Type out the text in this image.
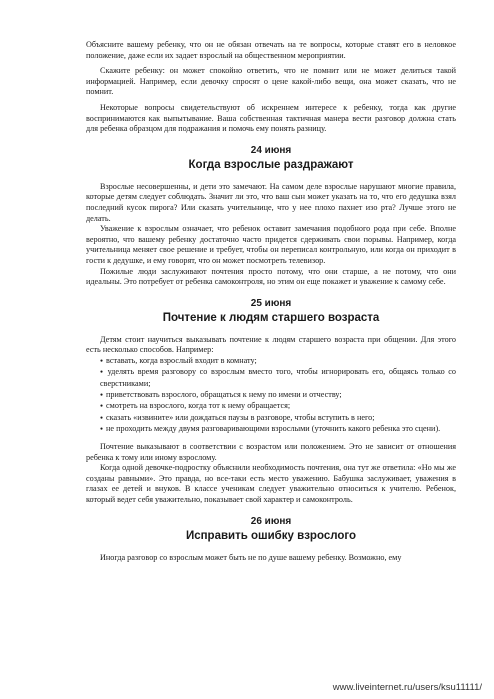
Объясните вашему ребенку, что он не обязан отвечать на те вопросы, которые ставят его в неловкое положение, даже если их задает взрослый на общественном мероприятии.

Скажите ребенку: он может спокойно ответить, что не помнит или не может делиться такой информацией. Например, если девочку спросят о цене какой-либо вещи, она может сказать, что не помнит.

Некоторые вопросы свидетельствуют об искреннем интересе к ребенку, тогда как другие воспринимаются как выпытывание. Ваша собственная тактичная манера вести разговор должна стать для ребенка образцом для подражания и помочь ему понять разницу.

24 июня
Когда взрослые раздражают

Взрослые несовершенны, и дети это замечают. На самом деле взрослые нарушают многие правила, которые детям следует соблюдать. Значит ли это, что ваш сын может указать на то, что его дедушка взял последний кусок пирога? Или сказать учительнице, что у нее плохо пахнет изо рта? Лучше этого не делать.

Уважение к взрослым означает, что ребенок оставит замечания подобного рода при себе. Вполне вероятно, что вашему ребенку достаточно часто придется сдерживать свои порывы. Например, когда учительница меняет свое решение и требует, чтобы он переписал контрольную, или когда он приходит в гости к дедушке, и ему говорят, что он может посмотреть телевизор.

Пожилые люди заслуживают почтения просто потому, что они старше, а не потому, что они идеальны. Это потребует от ребенка самоконтроля, но этим он еще покажет и уважение к самому себе.

25 июня
Почтение к людям старшего возраста

Детям стоит научиться выказывать почтение к людям старшего возраста при общении. Для этого есть несколько способов. Например:

● вставать, когда взрослый входит в комнату;
● уделять время разговору со взрослым вместо того, чтобы игнорировать его, общаясь только со сверстниками;
● приветствовать взрослого, обращаться к нему по имени и отчеству;
● смотреть на взрослого, когда тот к нему обращается;
● сказать «извините» или дождаться паузы в разговоре, чтобы вступить в него;
● не проходить между двумя разговаривающими взрослыми (уточнить какого ребенка это сцени).

Почтение выказывают в соответствии с возрастом или положением. Это не зависит от отношения ребенка к тому или иному взрослому.

Когда одной девочке-подростку объяснили необходимость почтения, она тут же ответила: «Но мы же созданы равными». Это правда, но все-таки есть место уважению. Бабушка заслуживает, уважения в глазах ее детей и внуков. В классе ученикам следует уважительно относиться к учителю. Ребенок, который ведет себя уважительно, показывает свой характер и самоконтроль.

26 июня
Исправить ошибку взрослого

Иногда разговор со взрослым может быть не по душе вашему ребенку. Возможно, ему

www.liveinternet.ru/users/ksu11111/
